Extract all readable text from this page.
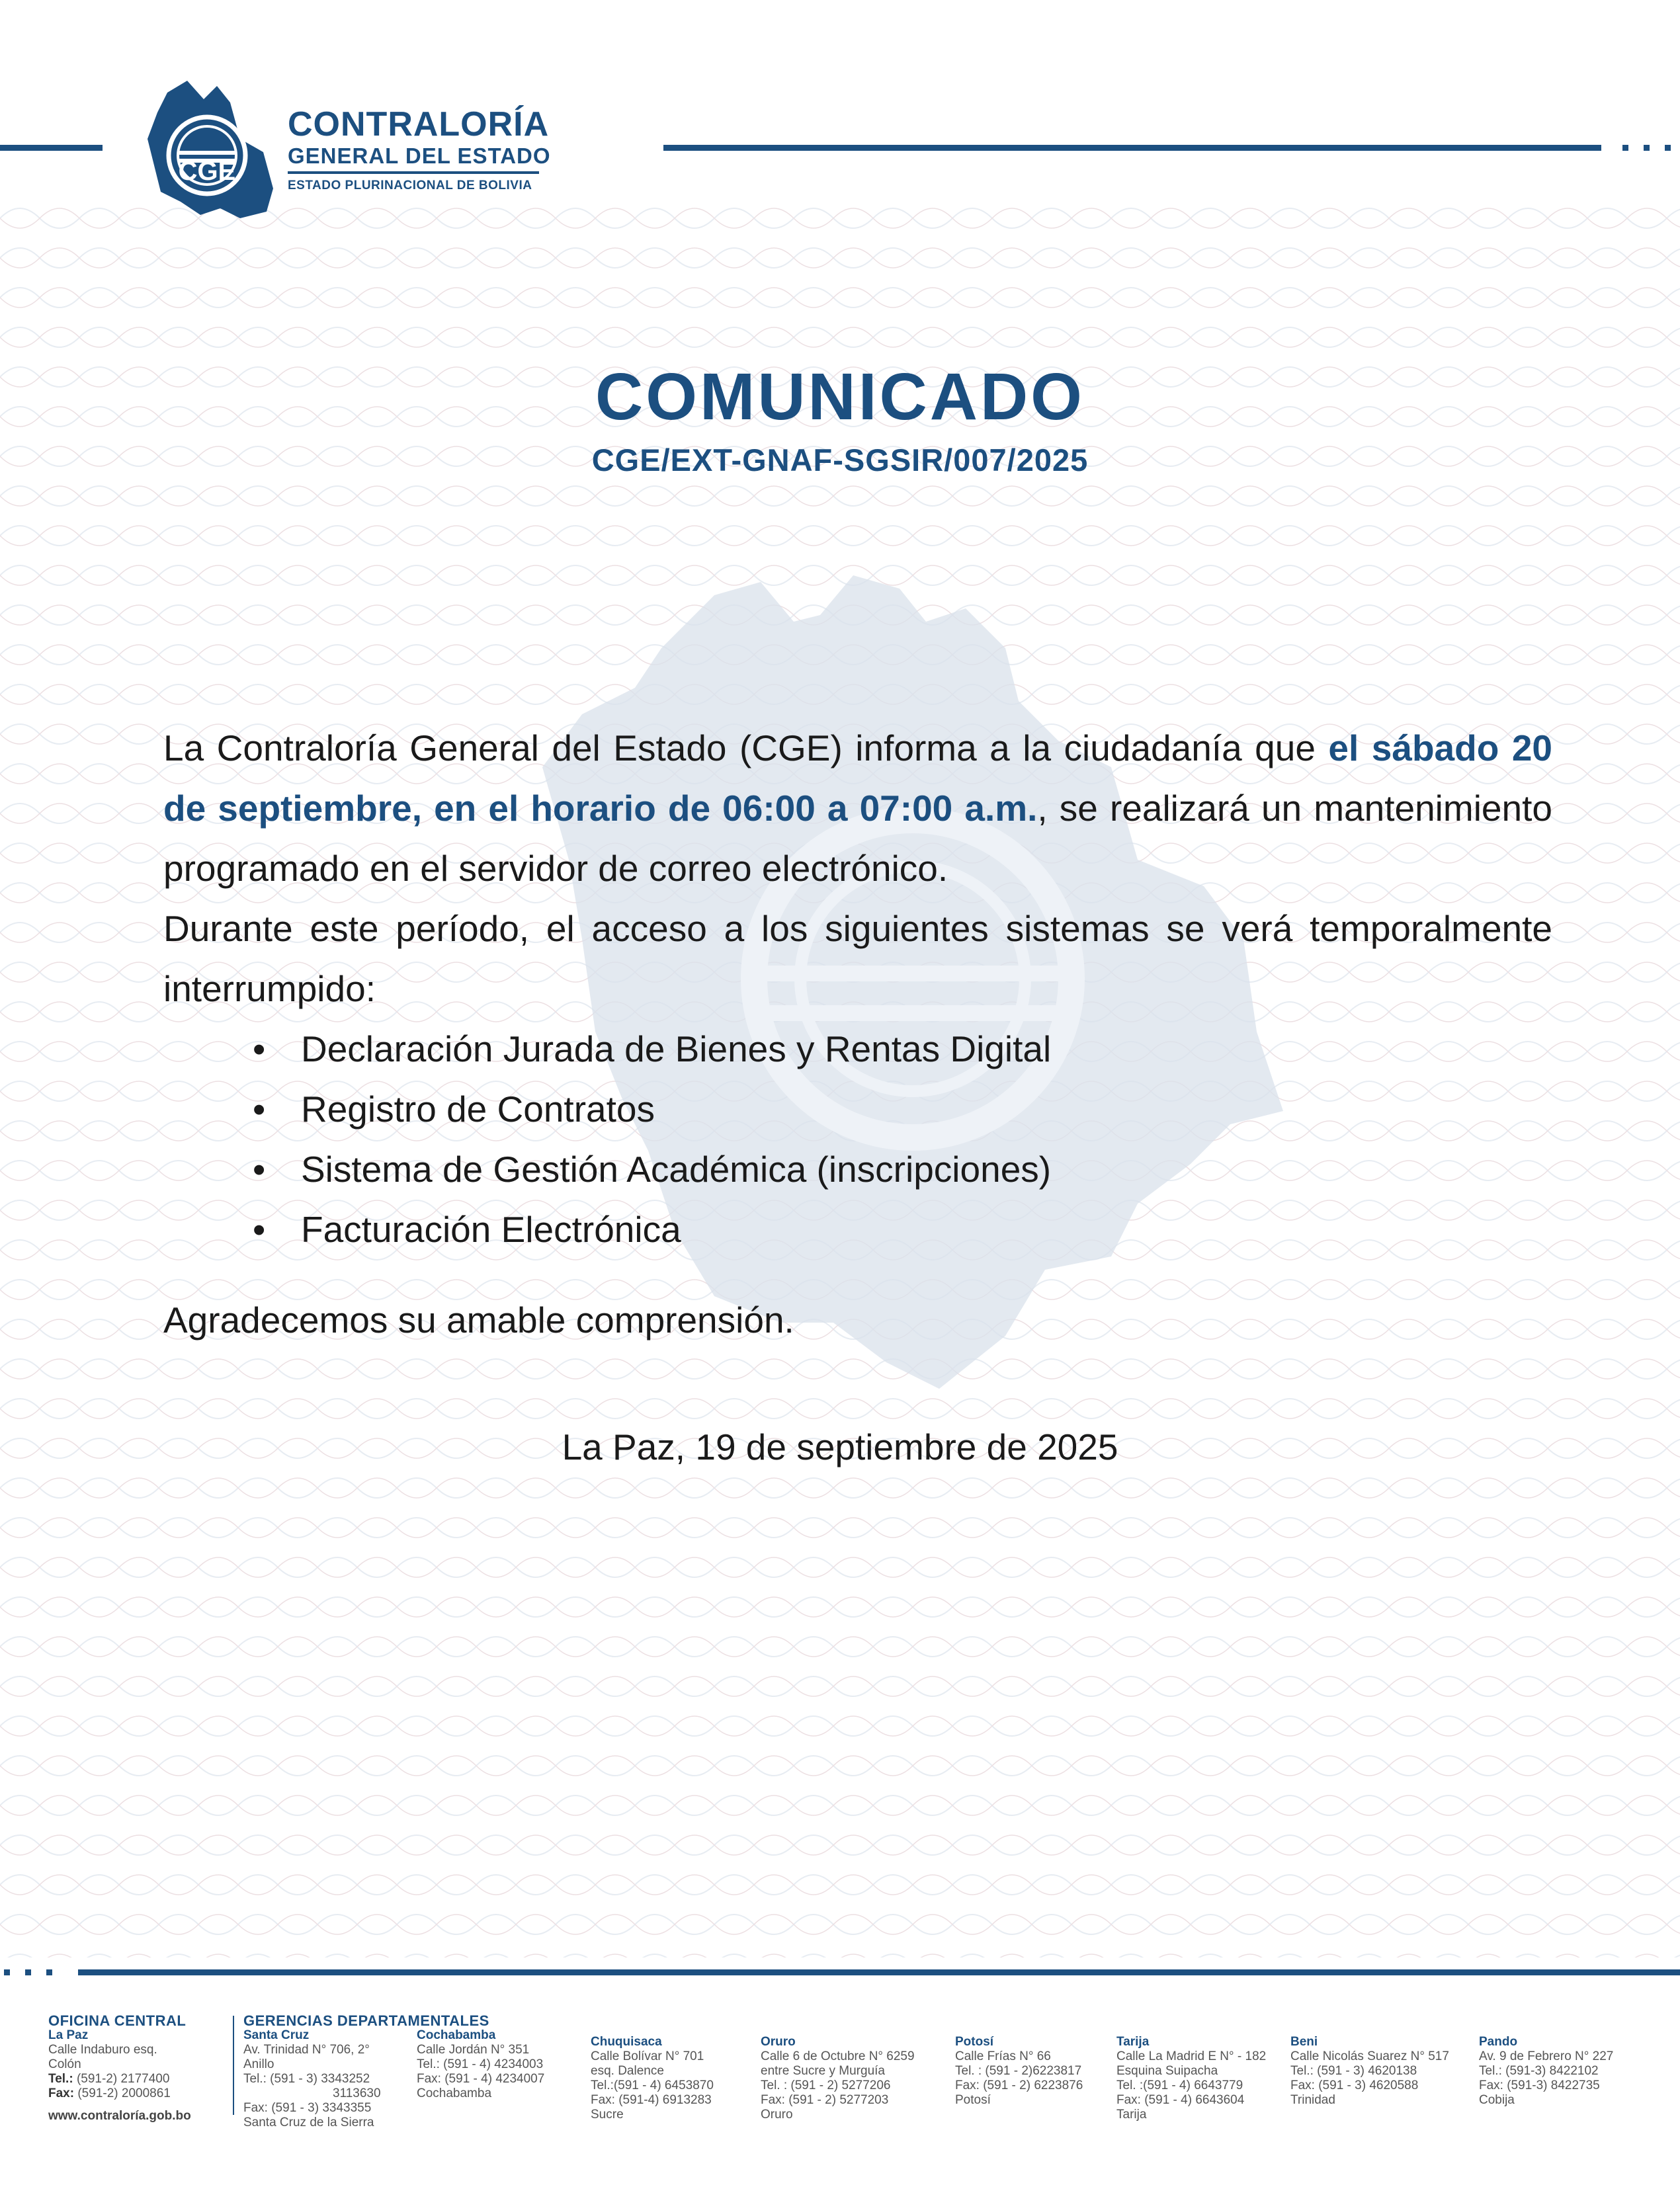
CGE
CONTRALORÍA
GENERAL DEL ESTADO
ESTADO PLURINACIONAL DE BOLIVIA
COMUNICADO
CGE/EXT-GNAF-SGSIR/007/2025

La Contraloría General del Estado (CGE) informa a la ciudadanía que el sábado 20 de septiembre, en el horario de 06:00 a 07:00 a.m., se realizará un mantenimiento programado en el servidor de correo electrónico.

Durante este período, el acceso a los siguientes sistemas se verá temporalmente interrumpido:

• Declaración Jurada de Bienes y Rentas Digital
• Registro de Contratos
• Sistema de Gestión Académica (inscripciones)
• Facturación Electrónica

Agradecemos su amable comprensión.

La Paz, 19 de septiembre de 2025
OFICINA CENTRAL
La Paz
Calle Indaburo esq.
Colón
Tel.: (591-2) 2177400
Fax: (591-2) 2000861
www.contraloría.gob.bo
GERENCIAS DEPARTAMENTALES
Santa Cruz
Av. Trinidad N° 706, 2°
Anillo
Tel.: (591 - 3) 3343252
3113630
Fax: (591 - 3) 3343355
Santa Cruz de la Sierra
Cochabamba
Calle Jordán N° 351
Tel.: (591 - 4) 4234003
Fax: (591 - 4) 4234007
Cochabamba
Chuquisaca
Calle Bolívar N° 701
esq. Dalence
Tel.:(591 - 4) 6453870
Fax: (591-4) 6913283
Sucre
Oruro
Calle 6 de Octubre N° 6259
entre Sucre y Murguía
Tel. : (591 - 2) 5277206
Fax: (591 - 2) 5277203
Oruro
Potosí
Calle Frías N° 66
Tel. : (591 - 2)6223817
Fax: (591 - 2) 6223876
Potosí
Tarija
Calle La Madrid E N° - 182
Esquina Suipacha
Tel. :(591 - 4) 6643779
Fax: (591 - 4) 6643604
Tarija
Beni
Calle Nicolás Suarez N° 517
Tel.: (591 - 3) 4620138
Fax: (591 - 3) 4620588
Trinidad
Pando
Av. 9 de Febrero N° 227
Tel.: (591-3) 8422102
Fax: (591-3) 8422735
Cobija
